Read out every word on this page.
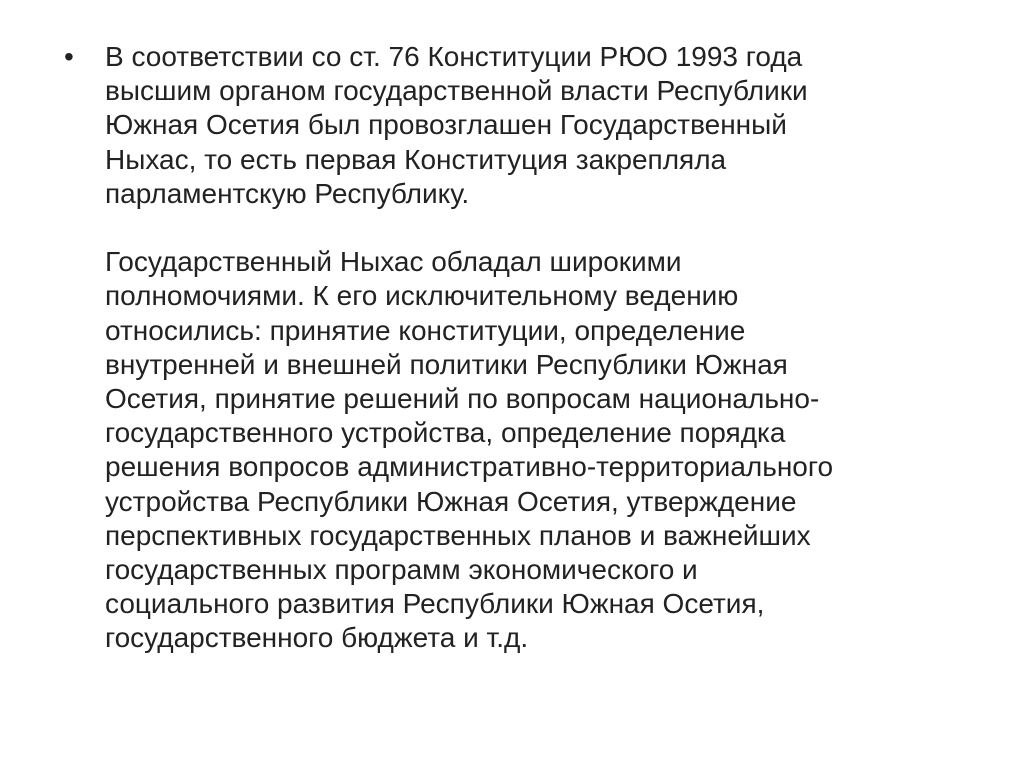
• В соответствии со ст. 76 Конституции РЮО 1993 года
высшим органом государственной власти Республики
Южная Осетия был провозглашен Государственный
Ныхас, то есть первая Конституция закрепляла
парламентскую Республику.

Государственный Ныхас обладал широкими
полномочиями. К его исключительному ведению
относились: принятие конституции, определение
внутренней и внешней политики Республики Южная
Осетия, принятие решений по вопросам национально-
государственного устройства, определение порядка
решения вопросов административно-территориального
устройства Республики Южная Осетия, утверждение
перспективных государственных планов и важнейших
государственных программ экономического и
социального развития Республики Южная Осетия,
государственного бюджета и т.д.
